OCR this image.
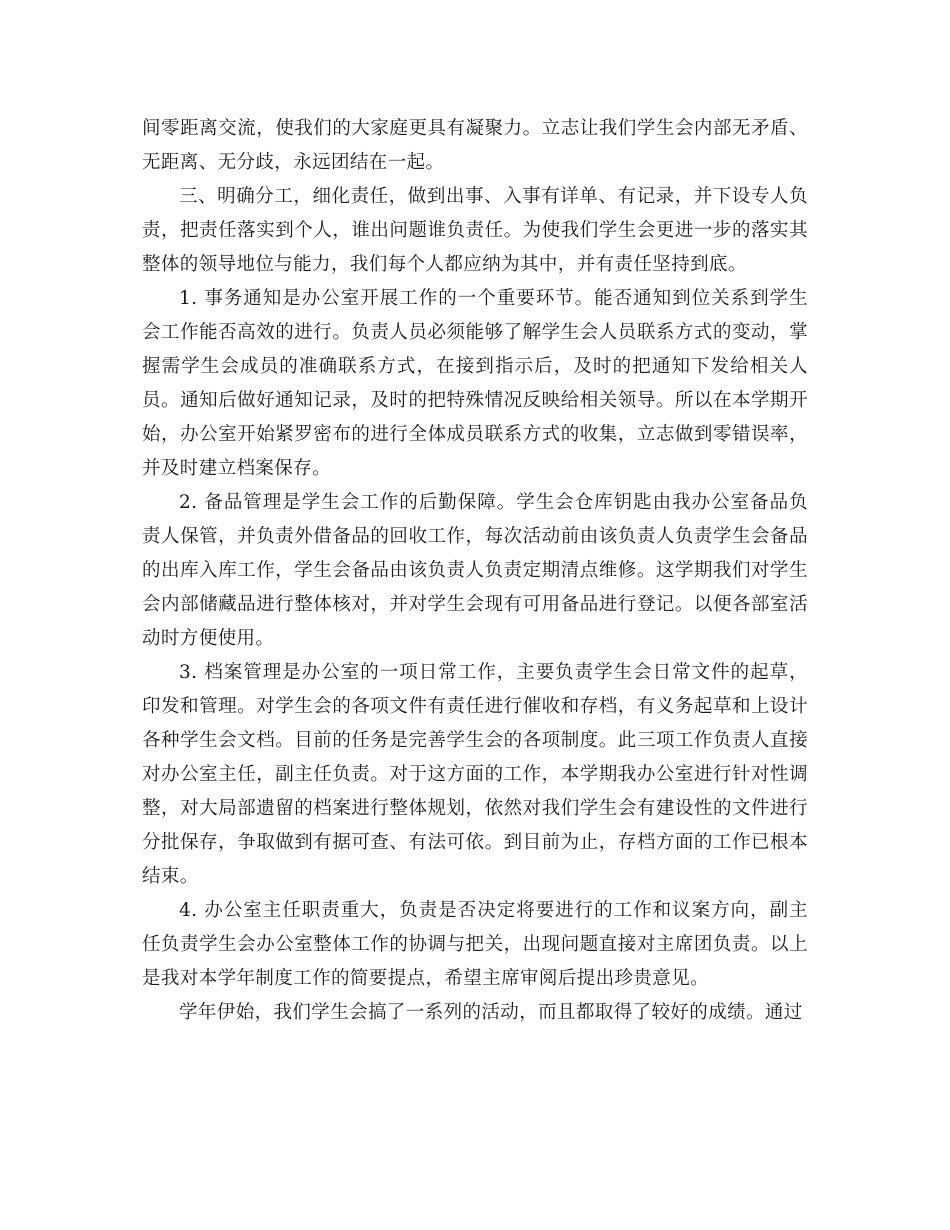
间零距离交流，使我们的大家庭更具有凝聚力。立志让我们学生会内部无矛盾、无距离、无分歧，永远团结在一起。

三、明确分工，细化责任，做到出事、入事有详单、有记录，并下设专人负责，把责任落实到个人，谁出问题谁负责任。为使我们学生会更进一步的落实其整体的领导地位与能力，我们每个人都应纳为其中，并有责任坚持到底。

1. 事务通知是办公室开展工作的一个重要环节。能否通知到位关系到学生会工作能否高效的进行。负责人员必须能够了解学生会人员联系方式的变动，掌握需学生会成员的准确联系方式，在接到指示后，及时的把通知下发给相关人员。通知后做好通知记录，及时的把特殊情况反映给相关领导。所以在本学期开始，办公室开始紧罗密布的进行全体成员联系方式的收集，立志做到零错误率，并及时建立档案保存。

2. 备品管理是学生会工作的后勤保障。学生会仓库钥匙由我办公室备品负责人保管，并负责外借备品的回收工作，每次活动前由该负责人负责学生会备品的出库入库工作，学生会备品由该负责人负责定期清点维修。这学期我们对学生会内部储藏品进行整体核对，并对学生会现有可用备品进行登记。以便各部室活动时方便使用。

3. 档案管理是办公室的一项日常工作，主要负责学生会日常文件的起草，印发和管理。对学生会的各项文件有责任进行催收和存档，有义务起草和上设计各种学生会文档。目前的任务是完善学生会的各项制度。此三项工作负责人直接对办公室主任，副主任负责。对于这方面的工作，本学期我办公室进行针对性调整，对大局部遗留的档案进行整体规划，依然对我们学生会有建设性的文件进行分批保存，争取做到有据可查、有法可依。到目前为止，存档方面的工作已根本结束。

4. 办公室主任职责重大，负责是否决定将要进行的工作和议案方向，副主任负责学生会办公室整体工作的协调与把关，出现问题直接对主席团负责。以上是我对本学年制度工作的简要提点，希望主席审阅后提出珍贵意见。

学年伊始，我们学生会搞了一系列的活动，而且都取得了较好的成绩。通过
